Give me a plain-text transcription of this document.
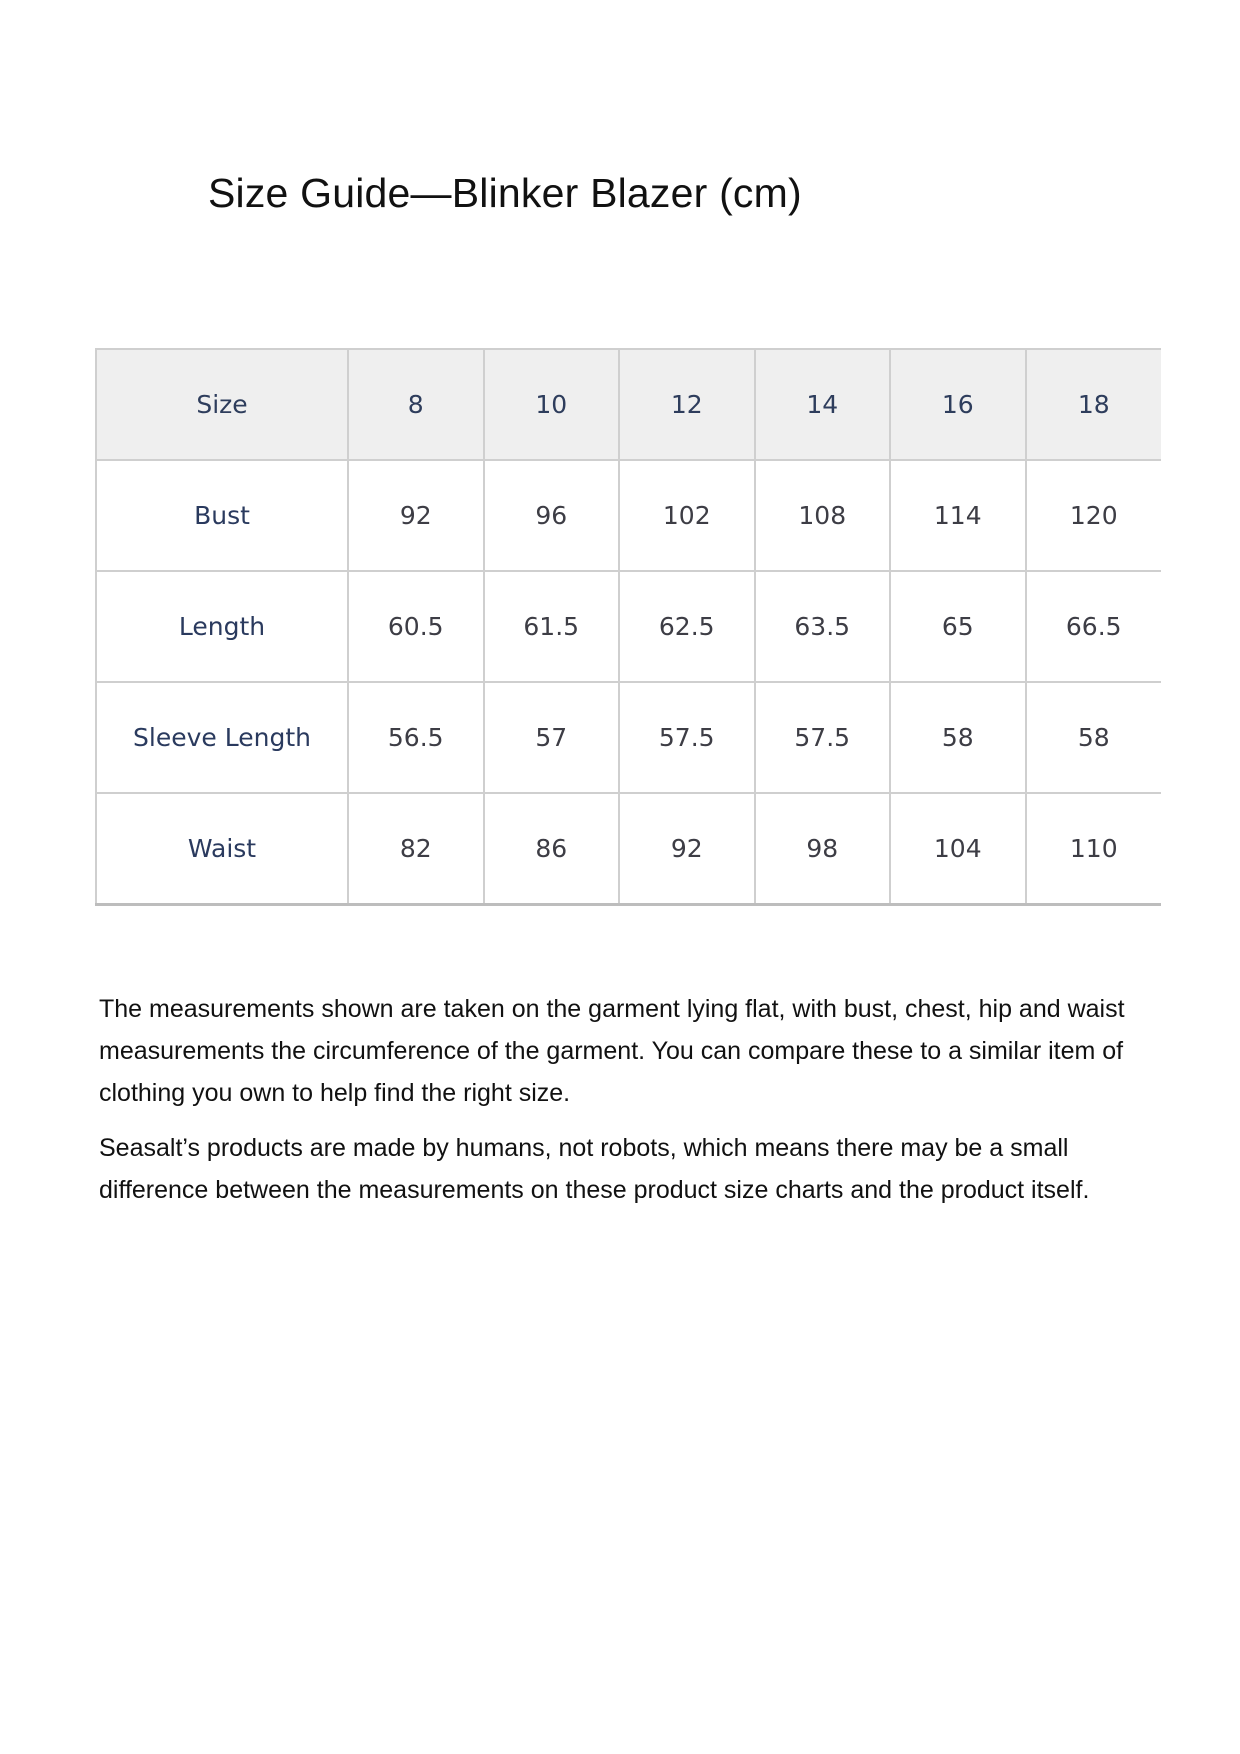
Size Guide—Blinker Blazer (cm)
Size	8	10	12	14	16	18
Bust	92	96	102	108	114	120
Length	60.5	61.5	62.5	63.5	65	66.5
Sleeve Length	56.5	57	57.5	57.5	58	58
Waist	82	86	92	98	104	110

The measurements shown are taken on the garment lying flat, with bust, chest, hip and waist measurements the circumference of the garment. You can compare these to a similar item of clothing you own to help find the right size.

Seasalt’s products are made by humans, not robots, which means there may be a small difference between the measurements on these product size charts and the product itself.
